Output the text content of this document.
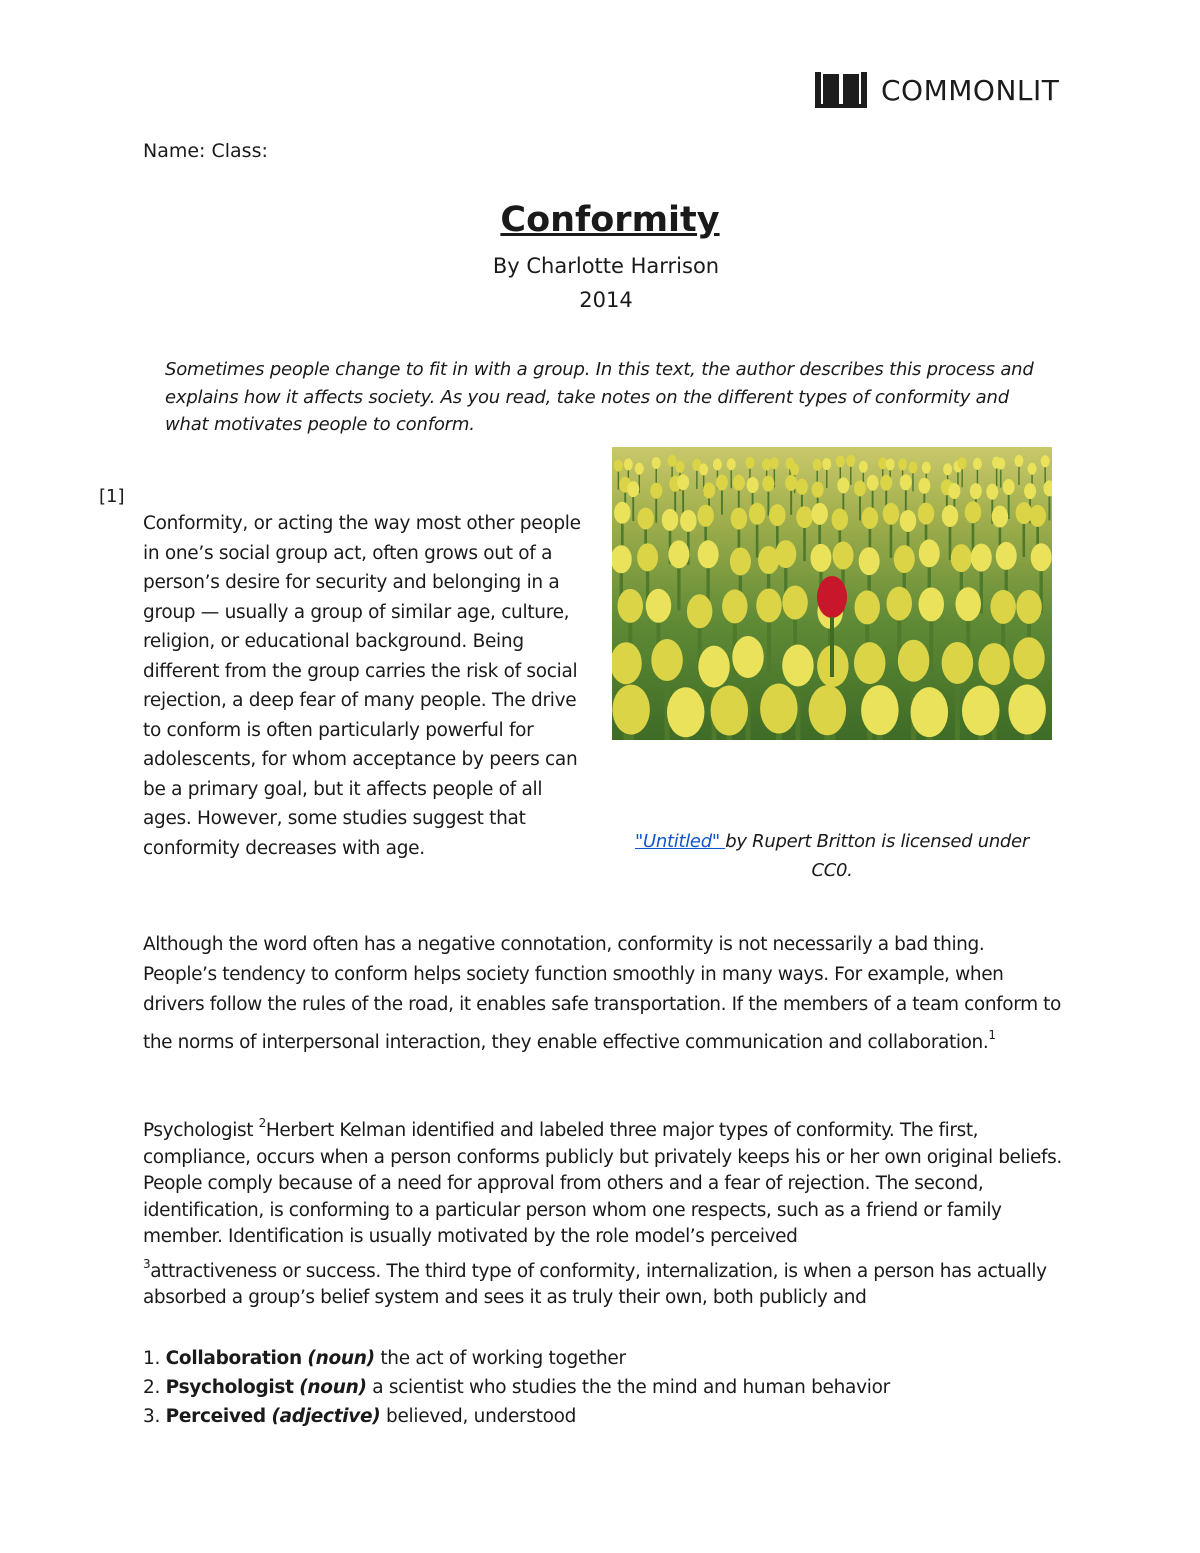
COMMONLIT
Name: Class:
Conformity
By Charlotte Harrison
2014
Sometimes people change to fit in with a group. In this text, the author describes this process and explains how it affects society. As you read, take notes on the different types of conformity and what motivates people to conform.
[1]

Conformity, or acting the way most other people in one’s social group act, often grows out of a person’s desire for security and belonging in a group — usually a group of similar age, culture, religion, or educational background. Being different from the group carries the risk of social rejection, a deep fear of many people. The drive to conform is often particularly powerful for adolescents, for whom acceptance by peers can be a primary goal, but it affects people of all ages. However, some studies suggest that conformity decreases with age.	"Untitled" by Rupert Britton is licensed under CC0.

Although the word often has a negative connotation, conformity is not necessarily a bad thing. People’s tendency to conform helps society function smoothly in many ways. For example, when drivers follow the rules of the road, it enables safe transportation. If the members of a team conform to the norms of interpersonal interaction, they enable effective communication and collaboration.$^1$

Psychologist $^2$Herbert Kelman identified and labeled three major types of conformity. The first, compliance, occurs when a person conforms publicly but privately keeps his or her own original beliefs. People comply because of a need for approval from others and a fear of rejection. The second, identification, is conforming to a particular person whom one respects, such as a friend or family member. Identification is usually motivated by the role model’s perceived
$^3$attractiveness or success. The third type of conformity, internalization, is when a person has actually absorbed a group’s belief system and sees it as truly their own, both publicly and

1. Collaboration (noun) the act of working together
2. Psychologist (noun) a scientist who studies the the mind and human behavior
3. Perceived (adjective) believed, understood
